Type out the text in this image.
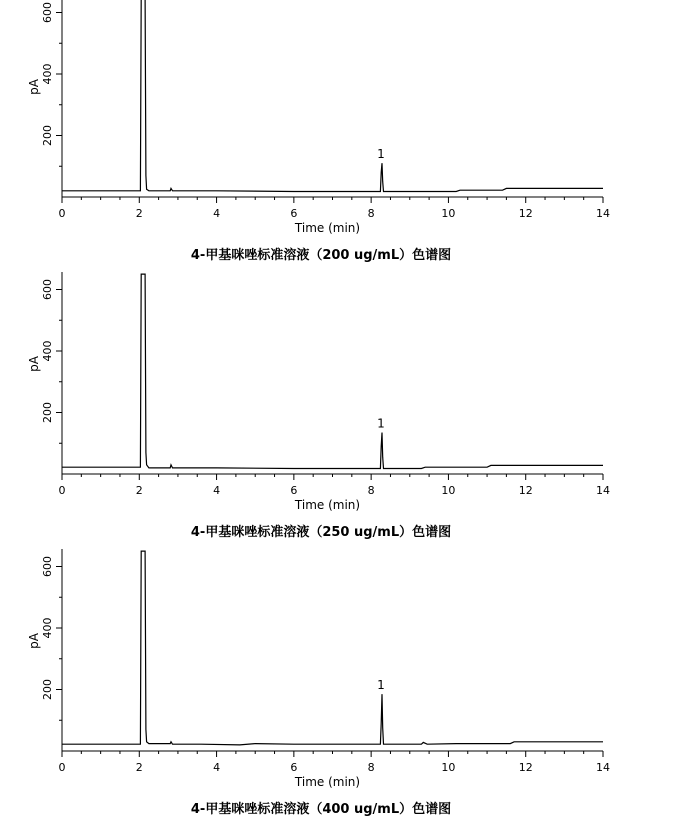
0	2	4	6	8	10	12	14
200
400
600
pA
Time (min)
1
4-甲基咪唑标准溶液（200 ug/mL）色谱图
0	2	4	6	8	10	12	14
200
400
600
pA
Time (min)
1
4-甲基咪唑标准溶液（250 ug/mL）色谱图
0	2	4	6	8	10	12	14
200
400
600
pA
Time (min)
1
4-甲基咪唑标准溶液（400 ug/mL）色谱图
